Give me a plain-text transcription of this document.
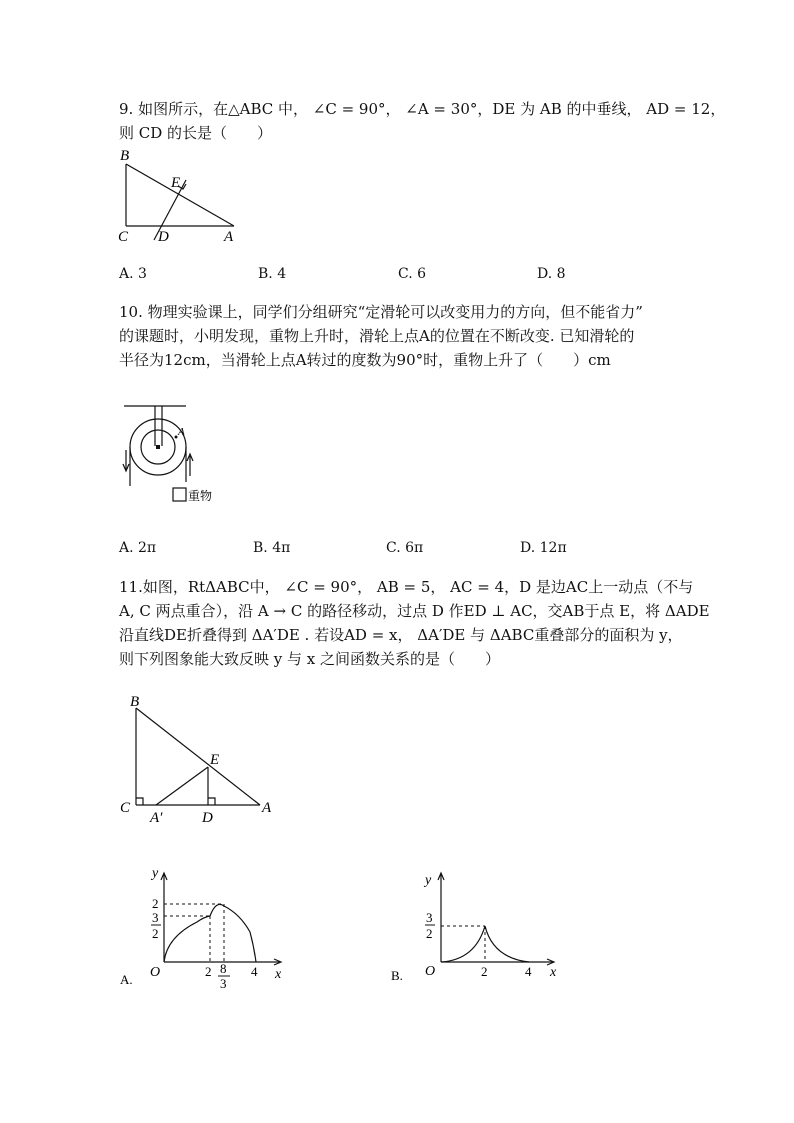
9. 如图所示，在△ABC 中， ∠C = 90°， ∠A = 30°，DE 为 AB 的中垂线， AD = 12，
则 CD 的长是（　　）
B
E
C D	A
A. 3	B. 4	C. 6	D. 8
10. 物理实验课上，同学们分组研究“定滑轮可以改变用力的方向，但不能省力”
的课题时，小明发现，重物上升时，滑轮上点A的位置在不断改变. 已知滑轮的
半径为12cm，当滑轮上点A转过的度数为90°时，重物上升了（　　）cm
A
重物
A. 2π	B. 4π	C. 6π	D. 12π
11.如图，RtΔABC中， ∠C = 90°， AB = 5， AC = 4，D 是边AC上一动点（不与
A, C 两点重合），沿 A → C 的路径移动，过点 D 作ED ⊥ AC，交AB于点 E，将 ΔADE
沿直线DE折叠得到 ΔA′DE . 若设AD = x， ΔA′DE 与 ΔABC重叠部分的面积为 y，
则下列图象能大致反映 y 与 x 之间函数关系的是（　　）
B
E
C
A′	D
A
y
x
O
2
3
2
2 8
3
4
A.
y
x
O
3
2
2	4
B.
